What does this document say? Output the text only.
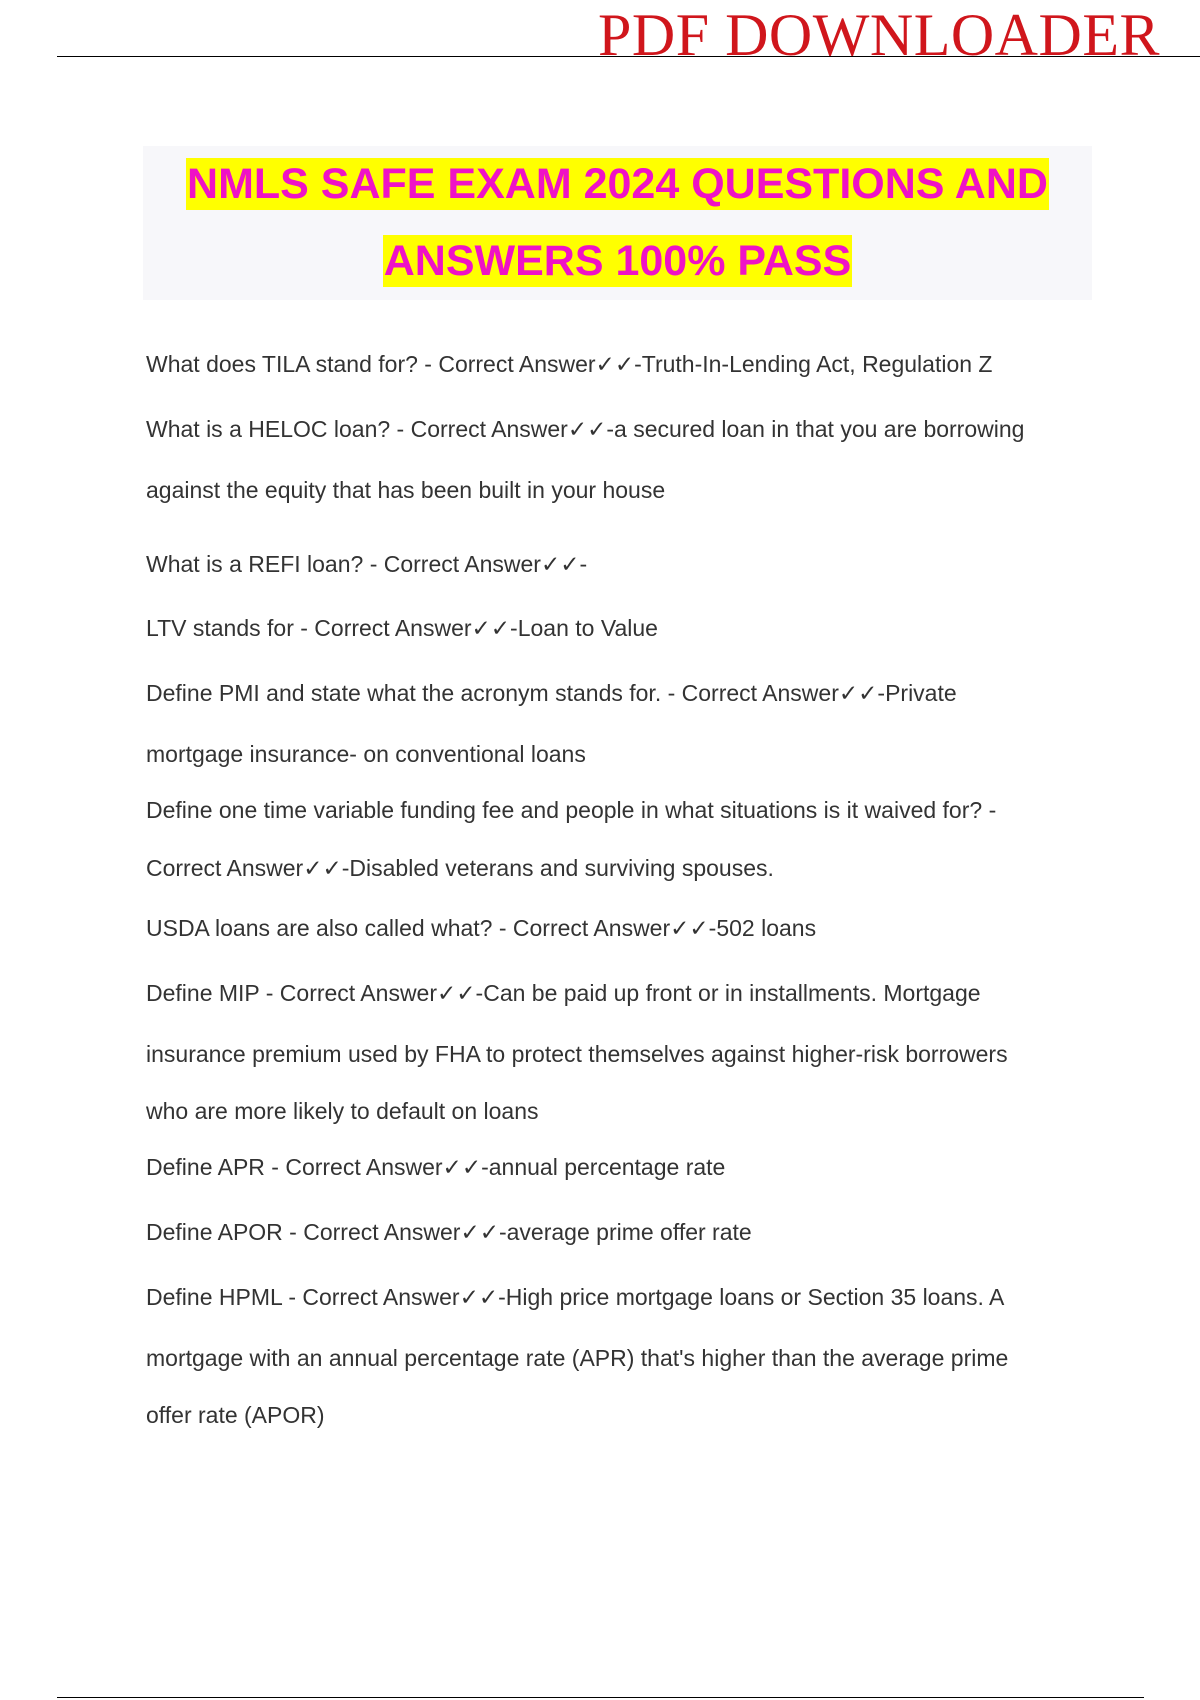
PDF DOWNLOADER
NMLS SAFE EXAM 2024 QUESTIONS AND
ANSWERS 100% PASS
What does TILA stand for? - Correct Answer✓✓-Truth-In-Lending Act, Regulation Z
What is a HELOC loan? - Correct Answer✓✓-a secured loan in that you are borrowing
against the equity that has been built in your house
What is a REFI loan? - Correct Answer✓✓-
LTV stands for - Correct Answer✓✓-Loan to Value
Define PMI and state what the acronym stands for. - Correct Answer✓✓-Private
mortgage insurance- on conventional loans
Define one time variable funding fee and people in what situations is it waived for? -
Correct Answer✓✓-Disabled veterans and surviving spouses.
USDA loans are also called what? - Correct Answer✓✓-502 loans
Define MIP - Correct Answer✓✓-Can be paid up front or in installments. Mortgage
insurance premium used by FHA to protect themselves against higher-risk borrowers
who are more likely to default on loans
Define APR - Correct Answer✓✓-annual percentage rate
Define APOR - Correct Answer✓✓-average prime offer rate
Define HPML - Correct Answer✓✓-High price mortgage loans or Section 35 loans. A
mortgage with an annual percentage rate (APR) that's higher than the average prime
offer rate (APOR)
